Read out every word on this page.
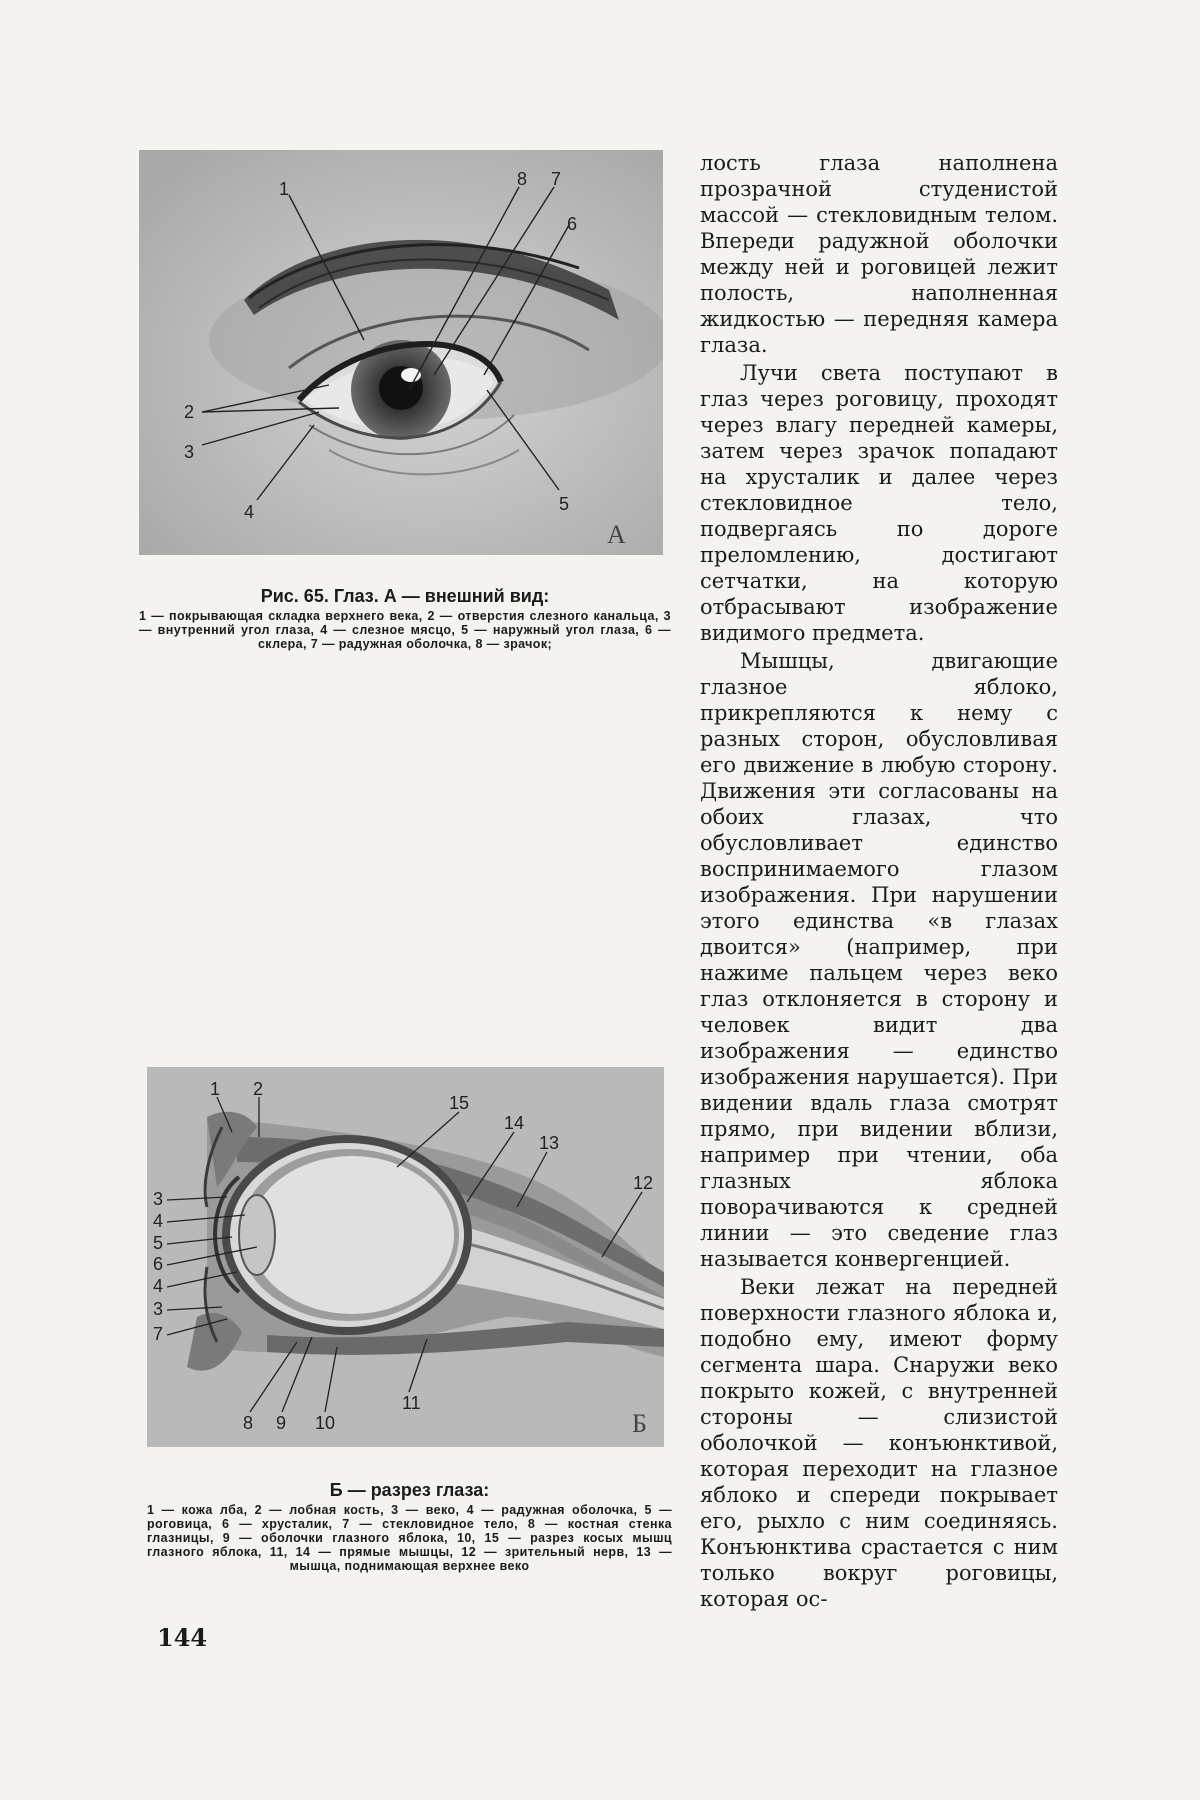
1	8 7
6
2
3
4	5
А
Рис. 65. Глаз. А — внешний вид:
1 — покрывающая складка верхнего века, 2 — отверстия слезного канальца, 3 — внутренний угол глаза, 4 — слезное мясцо, 5 — наружный угол глаза, 6 — склера, 7 — радужная оболочка, 8 — зрачок;
1 2
15
14
13
12
3
4
5
6
4
3
7
8 9 10
11
Б
Б — разрез глаза:
1 — кожа лба, 2 — лобная кость, 3 — веко, 4 — радужная оболочка, 5 — роговица, 6 — хрусталик, 7 — стекловидное тело, 8 — костная стенка глазницы, 9 — оболочки глазного яблока, 10, 15 — разрез косых мышц глазного яблока, 11, 14 — прямые мышцы, 12 — зрительный нерв, 13 — мышца, поднимающая верхнее веко

лость глаза наполнена прозрачной студенистой массой — стекловидным телом. Впереди радужной оболочки между ней и роговицей лежит полость, наполненная жидкостью — передняя камера глаза.

Лучи света поступают в глаз через роговицу, проходят через влагу передней камеры, затем через зрачок попадают на хрусталик и далее через стекловидное тело, подвергаясь по дороге преломлению, достигают сетчатки, на которую отбрасывают изображение видимого предмета.

Мышцы, двигающие глазное яблоко, прикрепляются к нему с разных сторон, обусловливая его движение в любую сторону. Движения эти согласованы на обоих глазах, что обусловливает единство воспринимаемого глазом изображения. При нарушении этого единства «в глазах двоится» (например, при нажиме пальцем через веко глаз отклоняется в сторону и человек видит два изображения — единство изображения нарушается). При видении вдаль глаза смотрят прямо, при видении вблизи, например при чтении, оба глазных яблока поворачиваются к средней линии — это сведение глаз называется конвергенцией.

Веки лежат на передней поверхности глазного яблока и, подобно ему, имеют форму сегмента шара. Снаружи веко покрыто кожей, с внутренней стороны — слизистой оболочкой — конъюнктивой, которая переходит на глазное яблоко и спереди покрывает его, рыхло с ним соединяясь. Конъюнктива срастается с ним только вокруг роговицы, которая ос-

144
